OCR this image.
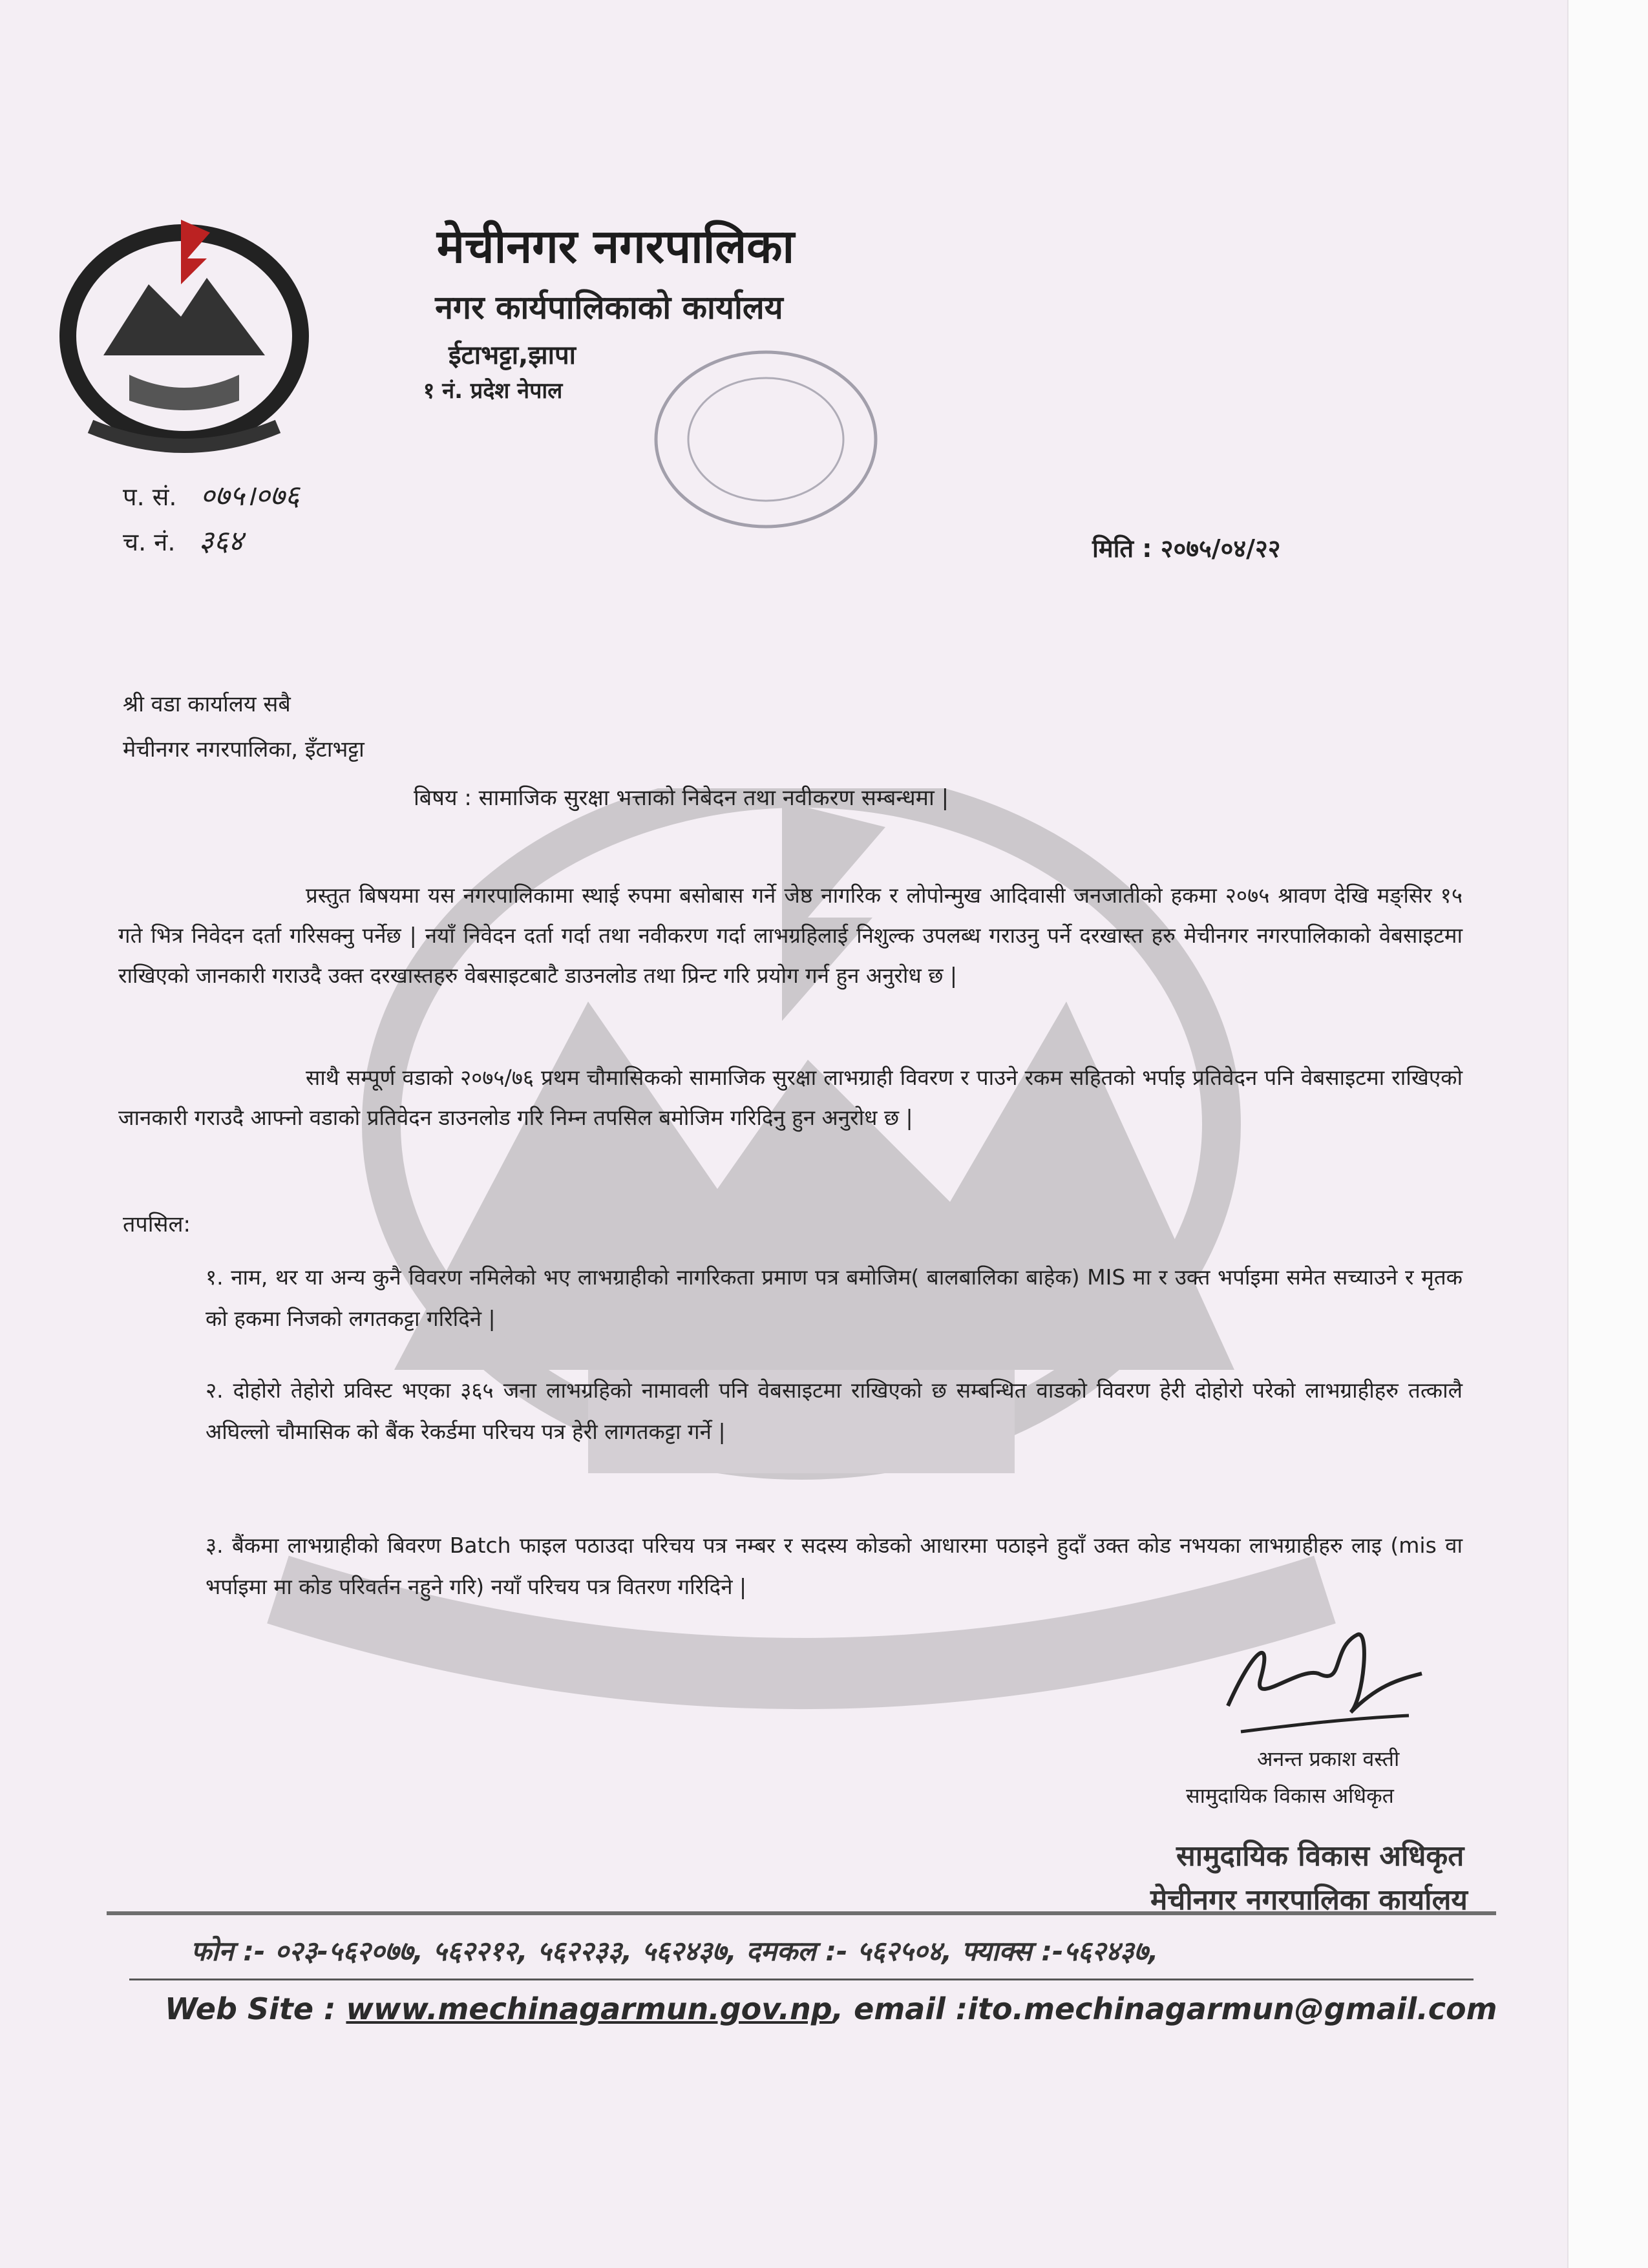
मेचीनगर नगरपालिका
नगर कार्यपालिकाको कार्यालय
ईटाभट्टा,झापा
१ नं. प्रदेश नेपाल
प. सं. ०७५।०७६
च. नं. ३६४	मिति : २०७५/०४/२२
श्री वडा कार्यालय सबै
मेचीनगर नगरपालिका, इँटाभट्टा
बिषय : सामाजिक सुरक्षा भत्ताको निबेदन तथा नवीकरण सम्बन्धमा |
प्रस्तुत बिषयमा यस नगरपालिकामा स्थाई रुपमा बसोबास गर्ने जेष्ठ नागरिक र लोपोन्मुख आदिवासी जनजातीको हकमा २०७५ श्रावण देखि मङ्सिर १५ गते भित्र निवेदन दर्ता गरिसक्नु पर्नेछ | नयाँ निवेदन दर्ता गर्दा तथा नवीकरण गर्दा लाभग्रहिलाई निशुल्क उपलब्ध गराउनु पर्ने दरखास्त हरु मेचीनगर नगरपालिकाको वेबसाइटमा राखिएको जानकारी गराउदै उक्त दरखास्तहरु वेबसाइटबाटै डाउनलोड तथा प्रिन्ट गरि प्रयोग गर्न हुन अनुरोध छ |
साथै सम्पूर्ण वडाको २०७५/७६ प्रथम चौमासिकको सामाजिक सुरक्षा लाभग्राही विवरण र पाउने रकम सहितको भर्पाइ प्रतिवेदन पनि वेबसाइटमा राखिएको जानकारी गराउदै आफ्नो वडाको प्रतिवेदन डाउनलोड गरि निम्न तपसिल बमोजिम गरिदिनु हुन अनुरोध छ |
तपसिल:
१. नाम, थर या अन्य कुनै विवरण नमिलेको भए लाभग्राहीको नागरिकता प्रमाण पत्र बमोजिम( बालबालिका बाहेक) MIS मा र उक्त भर्पाइमा समेत सच्याउने र मृतक को हकमा निजको लगतकट्टा गरिदिने |
२. दोहोरो तेहोरो प्रविस्ट भएका ३६५ जना लाभग्रहिको नामावली पनि वेबसाइटमा राखिएको छ सम्बन्धित वाडको विवरण हेरी दोहोरो परेको लाभग्राहीहरु तत्कालै अघिल्लो चौमासिक को बैंक रेकर्डमा परिचय पत्र हेरी लागतकट्टा गर्ने |
३. बैंकमा लाभग्राहीको बिवरण Batch फाइल पठाउदा परिचय पत्र नम्बर र सदस्य कोडको आधारमा पठाइने हुदाँ उक्त कोड नभयका लाभग्राहीहरु लाइ (mis वा भर्पाइमा मा कोड परिवर्तन नहुने गरि) नयाँ परिचय पत्र वितरण गरिदिने |
अनन्त प्रकाश वस्ती
सामुदायिक विकास अधिकृत
सामुदायिक विकास अधिकृत
मेचीनगर नगरपालिका कार्यालय
फोन :- ०२३-५६२०७७, ५६२२१२, ५६२२३३, ५६२४३७, दमकल :- ५६२५०४, फ्याक्स :-५६२४३७,
Web Site : www.mechinagarmun.gov.np, email :ito.mechinagarmun@gmail.com
